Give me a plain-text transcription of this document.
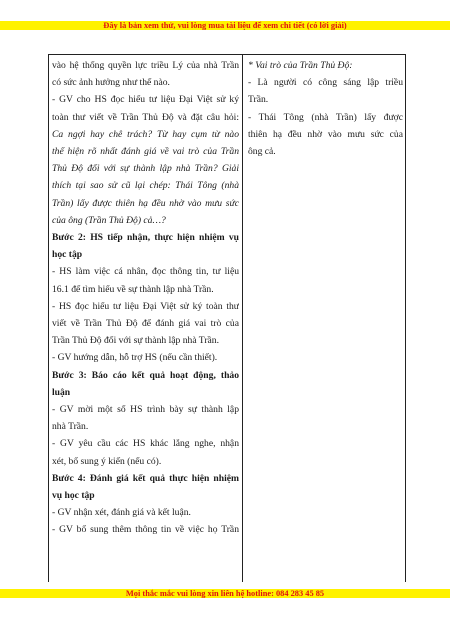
Đây là bản xem thử, vui lòng mua tài liệu để xem chi tiết (có lời giải)
vào hệ thống quyền lực triều Lý của nhà Trần
có sức ảnh hưởng như thế nào.
- GV cho HS đọc hiểu tư liệu Đại Việt sử ký
toàn thư viết về Trần Thủ Độ và đặt câu hỏi:
Ca ngợi hay chê trách? Từ hay cụm từ nào
thể hiện rõ nhất đánh giá về vai trò của Trần
Thủ Độ đối với sự thành lập nhà Trần? Giải
thích tại sao sử cũ lại chép: Thái Tông (nhà
Trần) lấy được thiên hạ đều nhờ vào mưu sức
của ông (Trần Thủ Độ) cả…?
Bước 2: HS tiếp nhận, thực hiện nhiệm vụ
học tập
- HS làm việc cá nhân, đọc thông tin, tư liệu
16.1 để tìm hiểu về sự thành lập nhà Trần.
- HS đọc hiểu tư liệu Đại Việt sử ký toàn thư
viết về Trần Thủ Độ để đánh giá vai trò của
Trần Thủ Độ đối với sự thành lập nhà Trần.
- GV hướng dẫn, hỗ trợ HS (nếu cần thiết).
Bước 3: Báo cáo kết quả hoạt động, thảo
luận
- GV mời một số HS trình bày sự thành lập
nhà Trần.
- GV yêu cầu các HS khác lắng nghe, nhận
xét, bổ sung ý kiến (nếu có).
Bước 4: Đánh giá kết quả thực hiện nhiệm
vụ học tập
- GV nhận xét, đánh giá và kết luận.
- GV bổ sung thêm thông tin về việc họ Trần
* Vai trò của Trần Thủ Độ:
- Là người có công sáng lập triều
Trần.
- Thái Tông (nhà Trần) lấy được
thiên hạ đều nhờ vào mưu sức của
ông cả.
Mọi thắc mắc vui lòng xin liên hệ hotline: 084 283 45 85
